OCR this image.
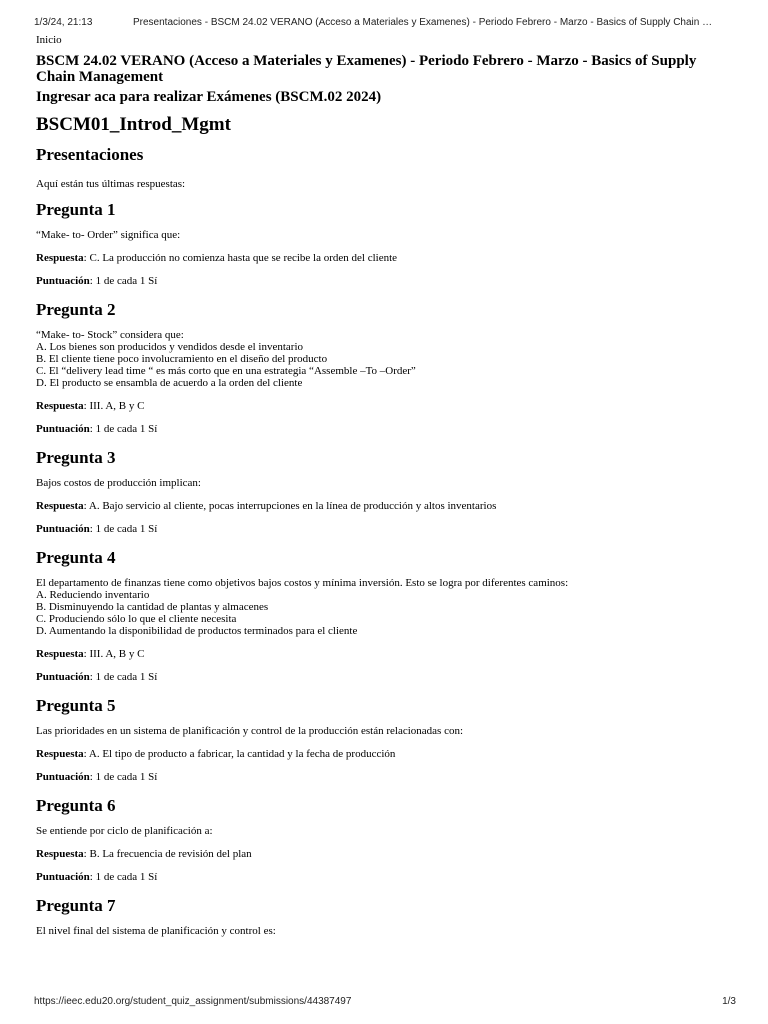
1/3/24, 21:13	Presentaciones - BSCM 24.02 VERANO (Acceso a Materiales y Examenes) - Periodo Febrero - Marzo - Basics of Supply Chain …
Inicio
BSCM 24.02 VERANO (Acceso a Materiales y Examenes) - Periodo Febrero - Marzo - Basics of Supply Chain Management
Ingresar aca para realizar Exámenes (BSCM.02 2024)
BSCM01_Introd_Mgmt
Presentaciones
Aquí están tus últimas respuestas:
Pregunta 1
“Make- to- Order” significa que:
Respuesta: C. La producción no comienza hasta que se recibe la orden del cliente
Puntuación: 1 de cada 1 Sí
Pregunta 2
“Make- to- Stock” considera que:
A. Los bienes son producidos y vendidos desde el inventario
B. El cliente tiene poco involucramiento en el diseño del producto
C. El “delivery lead time “ es más corto que en una estrategia “Assemble –To –Order”
D. El producto se ensambla de acuerdo a la orden del cliente
Respuesta: III. A, B y C
Puntuación: 1 de cada 1 Sí
Pregunta 3
Bajos costos de producción implican:
Respuesta: A. Bajo servicio al cliente, pocas interrupciones en la línea de producción y altos inventarios
Puntuación: 1 de cada 1 Sí
Pregunta 4
El departamento de finanzas tiene como objetivos bajos costos y mínima inversión. Esto se logra por diferentes caminos:
A. Reduciendo inventario
B. Disminuyendo la cantidad de plantas y almacenes
C. Produciendo sólo lo que el cliente necesita
D. Aumentando la disponibilidad de productos terminados para el cliente
Respuesta: III. A, B y C
Puntuación: 1 de cada 1 Sí
Pregunta 5
Las prioridades en un sistema de planificación y control de la producción están relacionadas con:
Respuesta: A. El tipo de producto a fabricar, la cantidad y la fecha de producción
Puntuación: 1 de cada 1 Sí
Pregunta 6
Se entiende por ciclo de planificación a:
Respuesta: B. La frecuencia de revisión del plan
Puntuación: 1 de cada 1 Sí
Pregunta 7
El nivel final del sistema de planificación y control es:
https://ieec.edu20.org/student_quiz_assignment/submissions/44387497	1/3
